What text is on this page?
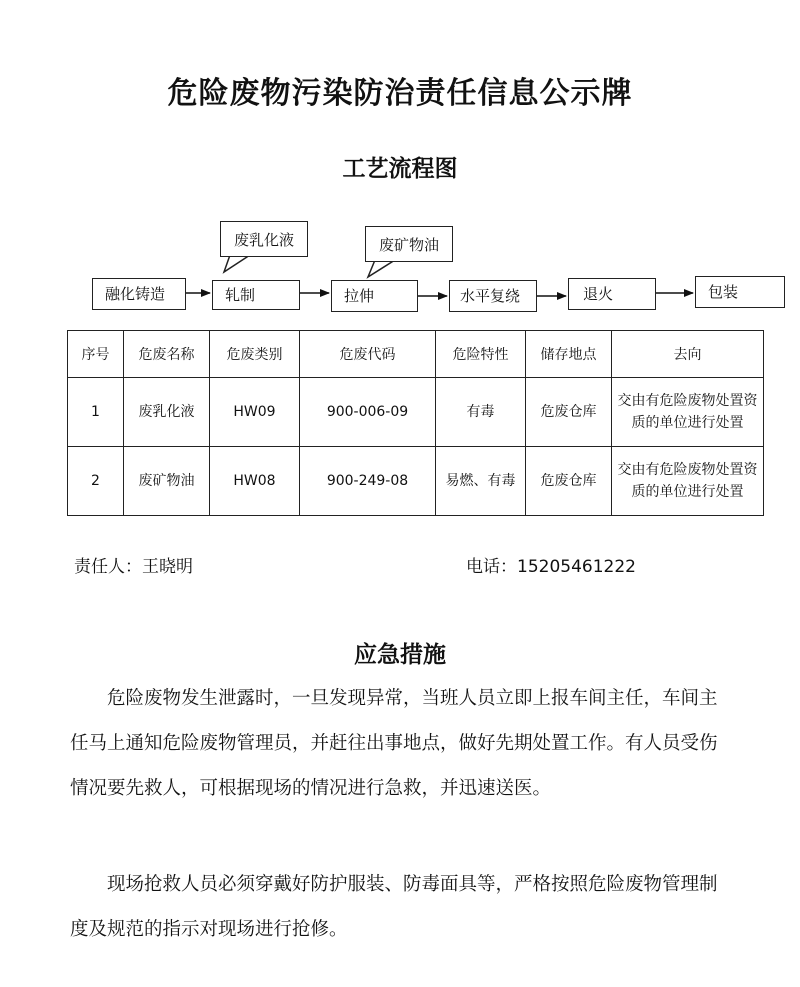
危险废物污染防治责任信息公示牌
工艺流程图
废乳化液	废矿物油
融化铸造	轧制	拉伸	水平复绕	退火	包装
序号	危废名称	危废类别	危废代码	危险特性	储存地点	去向
1	废乳化液	HW09	900-006-09	有毒	危废仓库	交由有危险废物处置资质的单位进行处置
2	废矿物油	HW08	900-249-08	易燃、有毒	危废仓库	交由有危险废物处置资质的单位进行处置
责任人：王晓明	电话：15205461222
应急措施

危险废物发生泄露时，一旦发现异常，当班人员立即上报车间主任，车间主任马上通知危险废物管理员，并赶往出事地点，做好先期处置工作。有人员受伤情况要先救人，可根据现场的情况进行急救，并迅速送医。

现场抢救人员必须穿戴好防护服装、防毒面具等，严格按照危险废物管理制度及规范的指示对现场进行抢修。
